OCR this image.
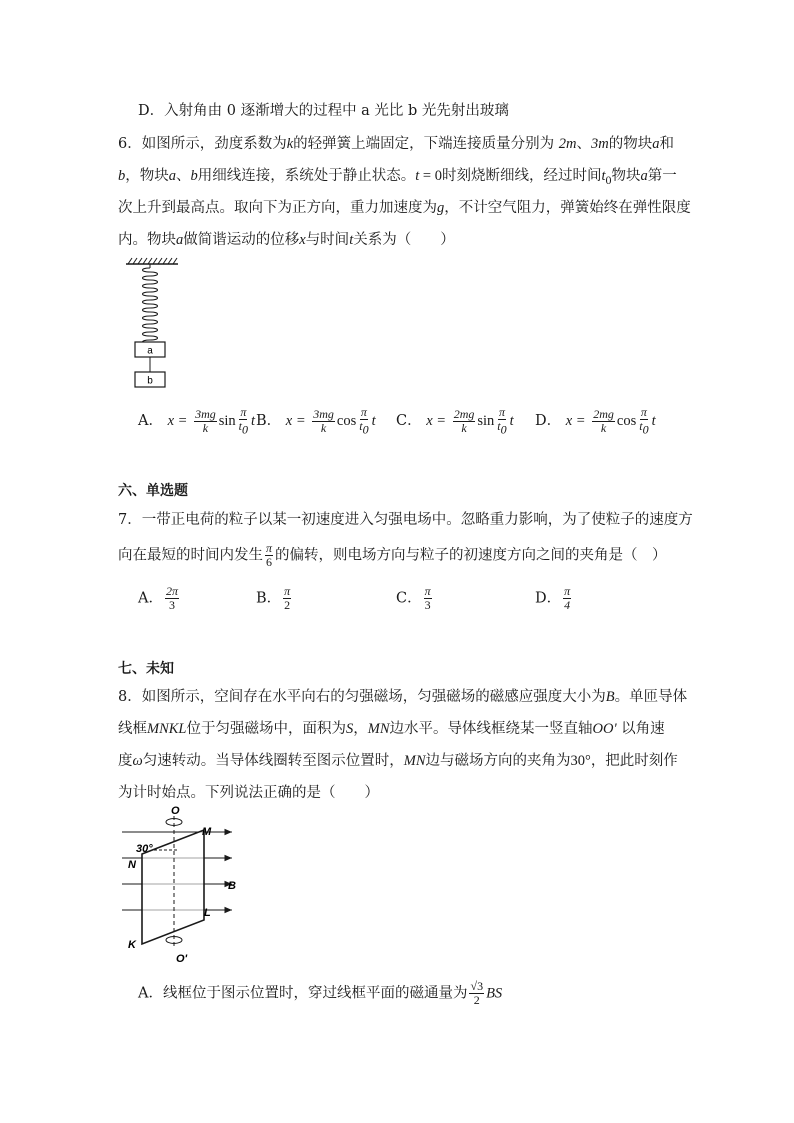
D．入射角由 0 逐渐增大的过程中 a 光比 b 光先射出玻璃
6．如图所示，劲度系数为k的轻弹簧上端固定，下端连接质量分别为 2m、3m的物块a和
b，物块a、b用细线连接，系统处于静止状态。t = 0时刻烧断细线，经过时间$t_0$物块a第一
次上升到最高点。取向下为正方向，重力加速度为g，不计空气阻力，弹簧始终在弹性限度
内。物块a做简谐运动的位移x与时间t关系为（　　）
a
b
A． $x = \frac{3mg}{k}$ $\sin \frac{\pi}{t_0}$ t B． $x = \frac{3mg}{k}$ $\cos \frac{\pi}{t_0}$ t C． $x = \frac{2mg}{k}$ $\sin \frac{\pi}{t_0}$ t D． $x = \frac{2mg}{k}$ $\cos \frac{\pi}{t_0}$ t
六、单选题
7．一带正电荷的粒子以某一初速度进入匀强电场中。忽略重力影响，为了使粒子的速度方
向在最短的时间内发生 $\frac{\pi}{6}$ 的偏转，则电场方向与粒子的初速度方向之间的夹角是（　）
A． $\frac{2\pi}{3}$	B． $\frac{\pi}{2}$	C． $\frac{\pi}{3}$	D． $\frac{\pi}{4}$
七、未知
8．如图所示，空间存在水平向右的匀强磁场，匀强磁场的磁感应强度大小为B。单匝导体
线框MNKL位于匀强磁场中，面积为S，MN边水平。导体线框绕某一竖直轴OO' 以角速
度ω匀速转动。当导体线圈转至图示位置时，MN边与磁场方向的夹角为30°，把此时刻作
为计时始点。下列说法正确的是（　　）
30°
O
O'
M
N
K
L
B
A．线框位于图示位置时，穿过线框平面的磁通量为 $\frac{√3}{2}$ BS
